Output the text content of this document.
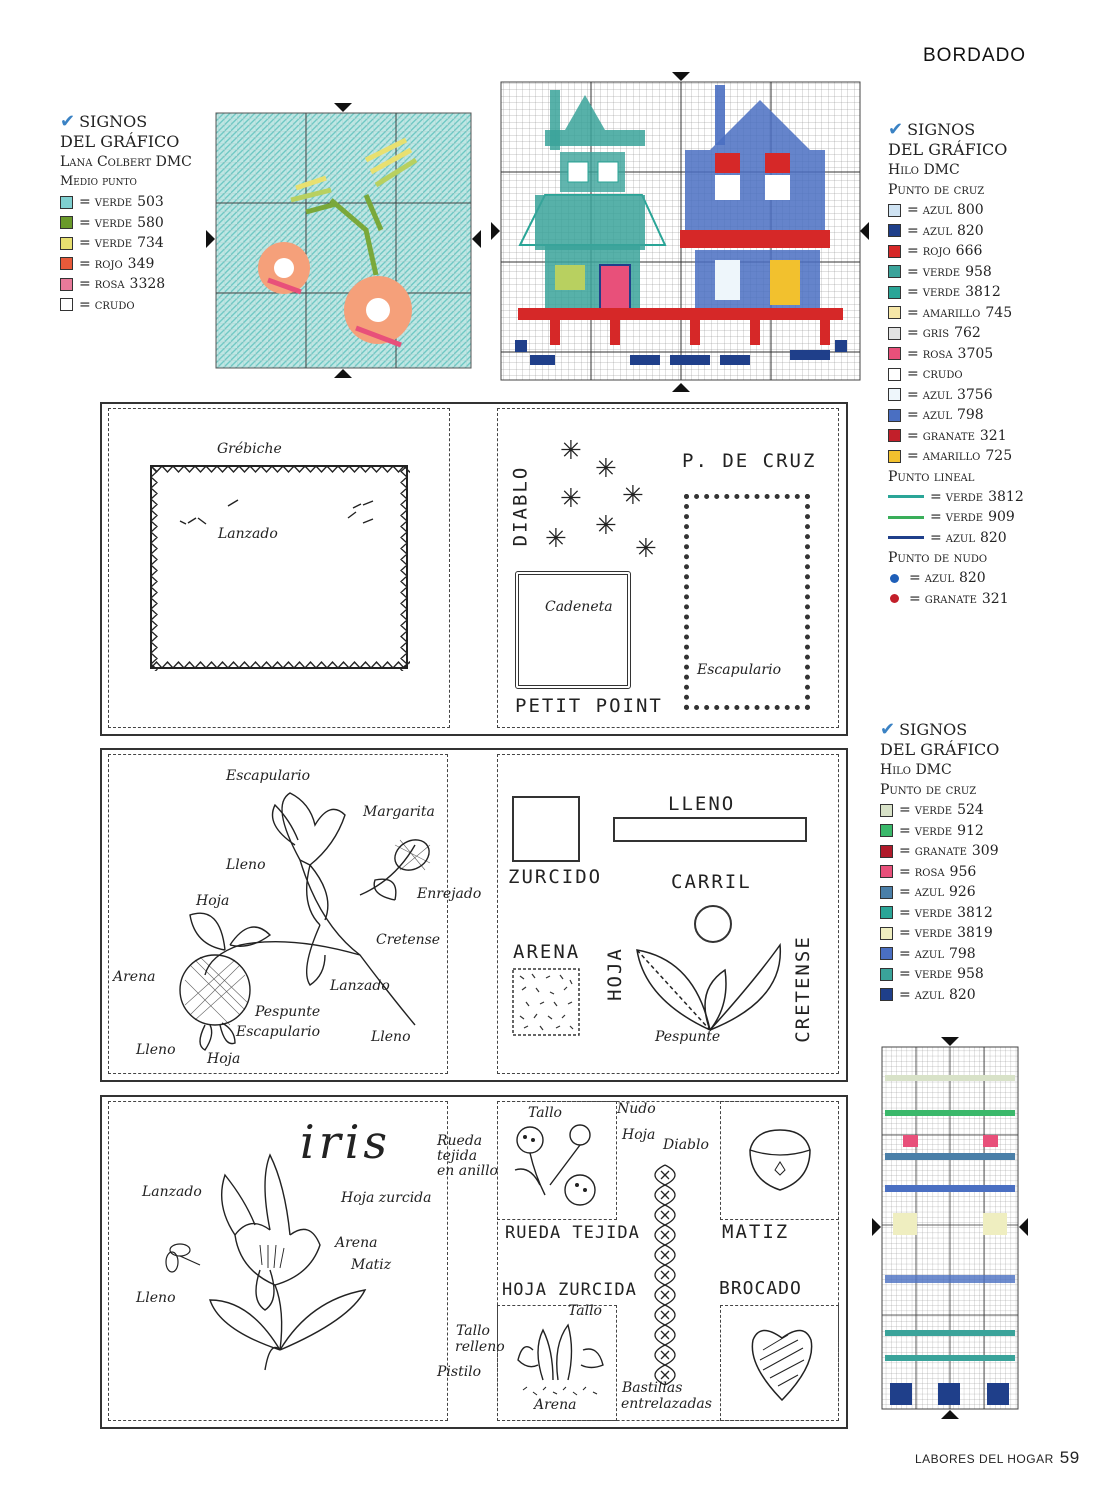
BORDADO
✔ SIGNOS
DEL GRÁFICO
Lana Colbert DMC
Medio punto
= verde 503
= verde 580
= verde 734
= rojo 349
= rosa 3328
= crudo
✔ SIGNOS
DEL GRÁFICO
Hilo DMC
Punto de cruz
= azul 800
= azul 820
= rojo 666
= verde 958
= verde 3812
= amarillo 745
= gris 762
= rosa 3705
= crudo
= azul 3756
= azul 798
= granate 321
= amarillo 725
Punto lineal
= verde 3812
= verde 909
= azul 820
Punto de nudo
= azul 820
= granate 321
Grébiche
Lanzado	DIABLO
✳
✳
✳ ✳
✳
✳	✳
P. DE CRUZ
Cadeneta
Escapulario
PETIT POINT
✔ SIGNOS
DEL GRÁFICO
Hilo DMC
Punto de cruz
= verde 524
= verde 912
= granate 309
= rosa 956
= azul 926
= verde 3812
= verde 3819
= azul 798
= verde 958
= azul 820
Escapulario
Margarita
Lleno
Enrejado
Hoja
Cretense
Arena
Lanzado
Pespunte
Escapulario
Lleno
Hoja
Lleno
LLENO
ZURCIDO	CARRIL
ARENA HOJA
Pespunte	CRETENSE
iris
Lanzado	Hoja zurcida
Arena
Matiz
Lleno
Tallo	Nudo
Hoja
Rueda
tejida
en anillo
Diablo
RUEDA TEJIDA	MATIZ
HOJA ZURCIDA	BROCADO
Tallo
Tallo
relleno
Pistilo
Arena
Bastillas
entrelazadas
LABORES DEL HOGAR 59
